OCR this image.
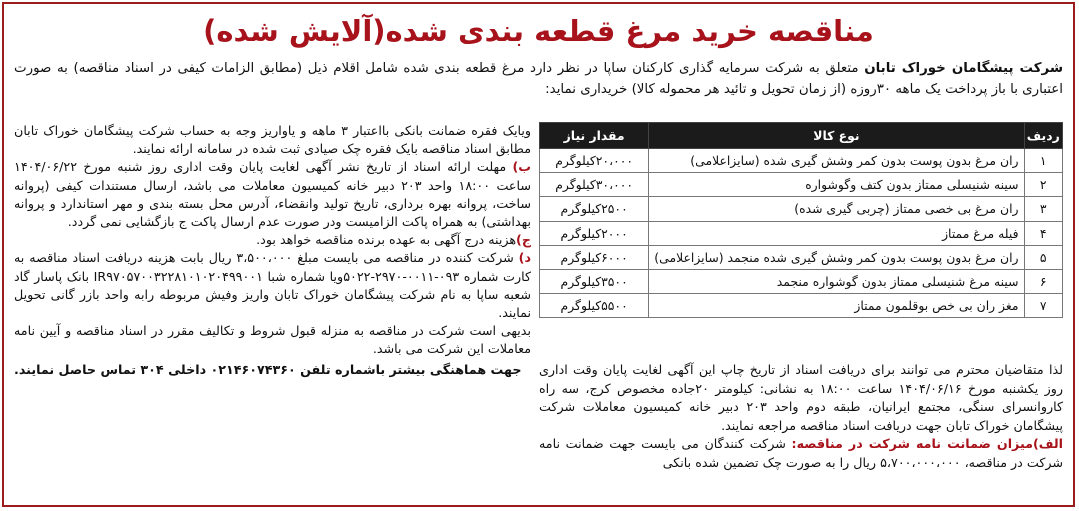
مناقصه خرید مرغ قطعه بندی شده(آلایش شده)
شرکت پیشگامان خوراک تابان متعلق به شرکت سرمایه گذاری کارکنان ساپا در نظر دارد مرغ قطعه بندی شده شامل اقلام ذیل (مطابق الزامات کیفی در اسناد مناقصه) به صورت اعتباری با باز پرداخت یک ماهه ۳۰روزه (از زمان تحویل و تائید هر محموله کالا) خریداری نماید:
ردیف	نوع کالا	مقدار نیاز
۱	ران مرغ بدون پوست بدون کمر وشش گیری شده (سایزاعلامی)	۲۰،۰۰۰کیلوگرم
۲	سینه شنیسلی ممتاز بدون کتف وگوشواره	۳۰،۰۰۰کیلوگرم
۳	ران مرغ بی خصی ممتاز (چربی گیری شده)	۲۵۰۰کیلوگرم
۴	فیله مرغ ممتاز	۲۰۰۰کیلوگرم
۵	ران مرغ بدون پوست بدون کمر وشش گیری شده منجمد (سایزاعلامی)	۶۰۰۰کیلوگرم
۶	سینه مرغ شنیسلی ممتاز بدون گوشواره منجمد	۳۵۰۰کیلوگرم
۷	مغز ران بی خص بوقلمون ممتاز	۵۵۰۰کیلوگرم

لذا متقاضیان محترم می توانند برای دریافت اسناد از تاریخ چاپ این آگهی لغایت پایان وقت اداری روز یکشنبه مورخ ۱۴۰۴/۰۶/۱۶ ساعت ۱۸:۰۰ به نشانی: کیلومتر ۲۰جاده مخصوص کرج، سه راه کاروانسرای سنگی، مجتمع ایرانیان، طبقه دوم واحد ۲۰۳ دبیر خانه کمیسیون معاملات شرکت پیشگامان خوراک تابان جهت دریافت اسناد مناقصه مراجعه نمایند.

الف)میزان ضمانت نامه شرکت در مناقصه: شرکت کنندگان می بایست جهت ضمانت نامه شرکت در مناقصه، ۵،۷۰۰،۰۰۰،۰۰۰ ریال را به صورت چک تضمین شده بانکی

ویایک فقره ضمانت بانکی بااعتبار ۳ ماهه و یاواریز وجه به حساب شرکت پیشگامان خوراک تابان مطابق اسناد مناقصه بایک فقره چک صیادی ثبت شده در سامانه ارائه نمایند.

ب) مهلت ارائه اسناد از تاریخ نشر آگهی لغایت پایان وقت اداری روز شنبه مورخ ۱۴۰۴/۰۶/۲۲ ساعت ۱۸:۰۰ واحد ۲۰۳ دبیر خانه کمیسیون معاملات می باشد، ارسال مستندات کیفی (پروانه ساخت، پروانه بهره برداری، تاریخ تولید وانقضاء، آدرس محل بسته بندی و مهر استاندارد و پروانه بهداشتی) به همراه پاکت الزامیست ودر صورت عدم ارسال پاکت ج بازگشایی نمی گردد.

ج)هزینه درج آگهی به عهده برنده مناقصه خواهد بود.

د) شرکت کننده در مناقصه می بایست مبلغ ۳،۵۰۰،۰۰۰ ریال بابت هزینه دریافت اسناد مناقصه به کارت شماره ۰۹۳-۰۰۱۱-۲۹۷۰-۵۰۲۲ویا شماره شبا IR۹۷۰۵۷۰۰۳۲۲۸۱۰۱۰۲۰۴۹۹۰۰۱ بانک پاسار گاد شعبه ساپا به نام شرکت پیشگامان خوراک تابان واریز وفیش مربوطه رابه واحد بازر گانی تحویل نمایند.

بدیهی است شرکت در مناقصه به منزله قبول شروط و تکالیف مقرر در اسناد مناقصه و آیین نامه معاملات این شرکت می باشد.

جهت هماهنگی بیشتر باشماره تلفن ۰۲۱۴۶۰۷۴۳۶۰ داخلی ۳۰۴ تماس حاصل نمایند.
